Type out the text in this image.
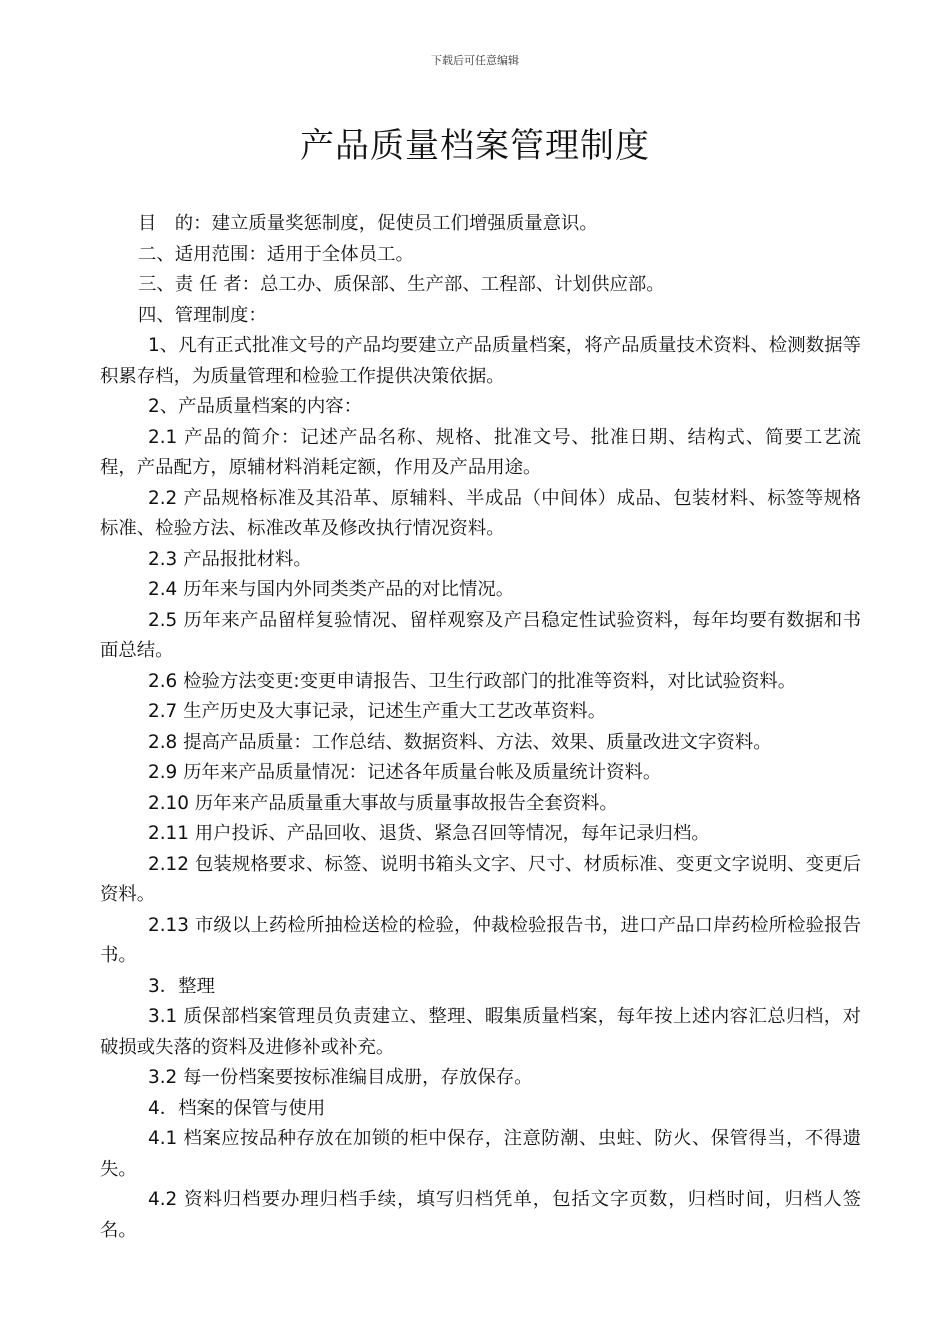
下载后可任意编辑
产品质量档案管理制度

目　的：建立质量奖惩制度，促使员工们增强质量意识。

二、适用范围：适用于全体员工。

三、责 任 者：总工办、质保部、生产部、工程部、计划供应部。

四、管理制度：

1、凡有正式批准文号的产品均要建立产品质量档案，将产品质量技术资料、检测数据等积累存档，为质量管理和检验工作提供决策依据。

2、产品质量档案的内容：

2.1 产品的简介：记述产品名称、规格、批准文号、批准日期、结构式、简要工艺流程，产品配方，原辅材料消耗定额，作用及产品用途。

2.2 产品规格标准及其沿革、原辅料、半成品（中间体）成品、包装材料、标签等规格标准、检验方法、标准改革及修改执行情况资料。

2.3 产品报批材料。

2.4 历年来与国内外同类类产品的对比情况。

2.5 历年来产品留样复验情况、留样观察及产吕稳定性试验资料，每年均要有数据和书面总结。

2.6 检验方法变更:变更申请报告、卫生行政部门的批准等资料，对比试验资料。

2.7 生产历史及大事记录，记述生产重大工艺改革资料。

2.8 提高产品质量：工作总结、数据资料、方法、效果、质量改进文字资料。

2.9 历年来产品质量情况：记述各年质量台帐及质量统计资料。

2.10 历年来产品质量重大事故与质量事故报告全套资料。

2.11 用户投诉、产品回收、退货、紧急召回等情况，每年记录归档。

2.12 包装规格要求、标签、说明书箱头文字、尺寸、材质标准、变更文字说明、变更后资料。

2.13 市级以上药检所抽检送检的检验，仲裁检验报告书，进口产品口岸药检所检验报告书。

3．整理

3.1 质保部档案管理员负责建立、整理、暇集质量档案，每年按上述内容汇总归档，对破损或失落的资料及进修补或补充。

3.2 每一份档案要按标准编目成册，存放保存。

4．档案的保管与使用

4.1 档案应按品种存放在加锁的柜中保存，注意防潮、虫蛀、防火、保管得当，不得遗失。

4.2 资料归档要办理归档手续，填写归档凭单，包括文字页数，归档时间，归档人签名。
